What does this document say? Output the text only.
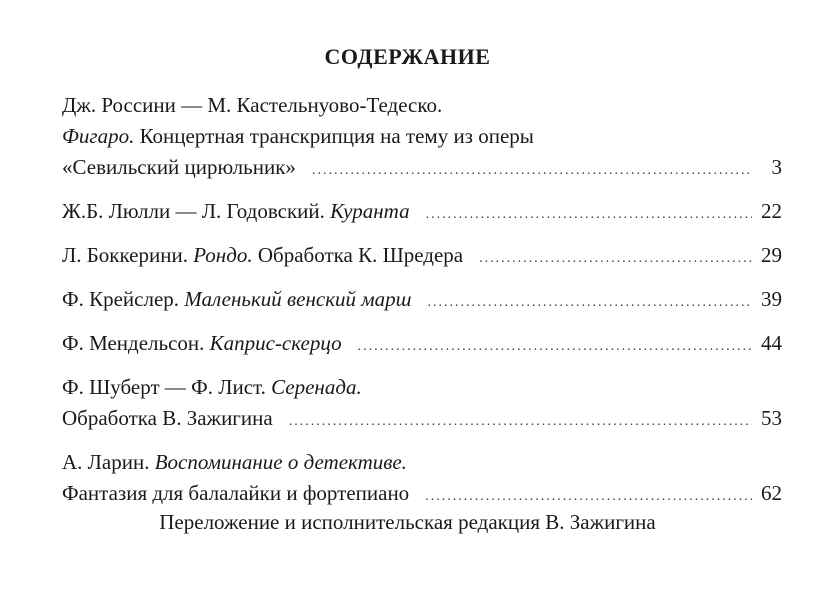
СОДЕРЖАНИЕ
Дж. Россини — М. Кастельнуово-Тедеско.
Фигаро. Концертная транскрипция на тему из оперы
«Севильский цирюльник» .....	3
Ж.Б. Люлли — Л. Годовский. Куранта .....	22
Л. Боккерини. Рондо. Обработка К. Шредера .....	29
Ф. Крейслер. Маленький венский марш .....	39
Ф. Мендельсон. Каприс-скерцо .....	44
Ф. Шуберт — Ф. Лист. Серенада.
Обработка В. Зажигина .....	53
А. Ларин. Воспоминание о детективе.
Фантазия для балалайки и фортепиано .....	62
Переложение и исполнительская редакция В. Зажигина
